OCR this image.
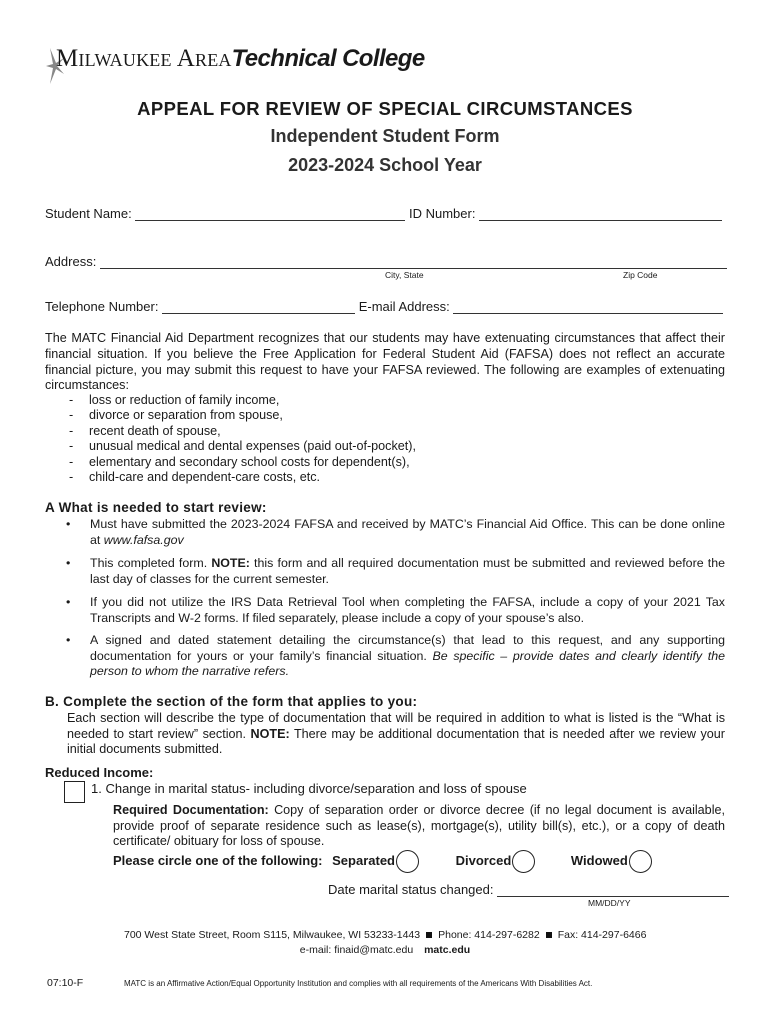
Milwaukee AreaTechnical College
APPEAL FOR REVIEW OF SPECIAL CIRCUMSTANCES
Independent Student Form
2023-2024 School Year
Student Name:	ID Number:
Address:
City, State	Zip Code
Telephone Number:	E-mail Address:
The MATC Financial Aid Department recognizes that our students may have extenuating circumstances that affect their financial situation. If you believe the Free Application for Federal Student Aid (FAFSA) does not reflect an accurate financial picture, you may submit this request to have your FAFSA reviewed. The following are examples of extenuating circumstances:
- loss or reduction of family income,
- divorce or separation from spouse,
- recent death of spouse,
- unusual medical and dental expenses (paid out-of-pocket),
- elementary and secondary school costs for dependent(s),
- child-care and dependent-care costs, etc.
A What is needed to start review:
• Must have submitted the 2023-2024 FAFSA and received by MATC’s Financial Aid Office. This can be done online at www.fafsa.gov
• This completed form. NOTE: this form and all required documentation must be submitted and reviewed before the last day of classes for the current semester.
• If you did not utilize the IRS Data Retrieval Tool when completing the FAFSA, include a copy of your 2021 Tax Transcripts and W-2 forms. If filed separately, please include a copy of your spouse’s also.
• A signed and dated statement detailing the circumstance(s) that lead to this request, and any supporting documentation for yours or your family’s financial situation. Be specific – provide dates and clearly identify the person to whom the narrative refers.
B. Complete the section of the form that applies to you:
Each section will describe the type of documentation that will be required in addition to what is listed is the “What is needed to start review” section. NOTE: There may be additional documentation that is needed after we review your initial documents submitted.
Reduced Income:
1. Change in marital status- including divorce/separation and loss of spouse
Required Documentation: Copy of separation order or divorce decree (if no legal document is available, provide proof of separate residence such as lease(s), mortgage(s), utility bill(s), etc.), or a copy of death certificate/ obituary for loss of spouse.
Please circle one of the following: Separated	Divorced	Widowed
Date marital status changed:
MM/DD/YY
700 West State Street, Room S115, Milwaukee, WI 53233-1443 Phone: 414-297-6282 Fax: 414-297-6466
e-mail: finaid@matc.edu matc.edu
07:10-F	MATC is an Affirmative Action/Equal Opportunity Institution and complies with all requirements of the Americans With Disabilities Act.
